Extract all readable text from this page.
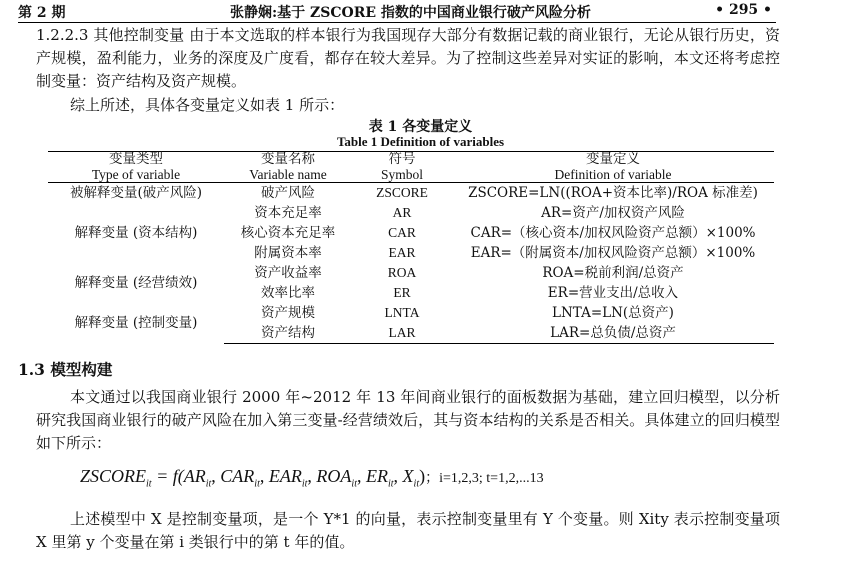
第 2 期	张静娴:基于 ZSCORE 指数的中国商业银行破产风险分析	• 295 •
1.2.2.3 其他控制变量 由于本文选取的样本银行为我国现存大部分有数据记载的商业银行，无论从银行历史，资产规模，盈利能力，业务的深度及广度看，都存在较大差异。为了控制这些差异对实证的影响，本文还将考虑控制变量：资产结构及资产规模。
综上所述，具体各变量定义如表 1 所示：
表 1 各变量定义
Table 1 Definition of variables
变量类型	变量名称	符号	变量定义
Type of variable	Variable name	Symbol	Definition of variable
被解释变量(破产风险)	破产风险	ZSCORE	ZSCORE=LN((ROA+资本比率)/ROA 标准差)
解释变量 (资本结构)	资本充足率	AR	AR=资产/加权资产风险
	核心资本充足率	CAR	CAR=（核心资本/加权风险资产总额）×100%
	附属资本率	EAR	EAR=（附属资本/加权风险资产总额）×100%
解释变量 (经营绩效)	资产收益率	ROA	ROA=税前利润/总资产
	效率比率	ER	ER=营业支出/总收入
解释变量 (控制变量)	资产规模	LNTA	LNTA=LN(总资产)
	资产结构	LAR	LAR=总负债/总资产
1.3 模型构建
本文通过以我国商业银行 2000 年~2012 年 13 年间商业银行的面板数据为基础，建立回归模型，以分析研究我国商业银行的破产风险在加入第三变量-经营绩效后，其与资本结构的关系是否相关。具体建立的回归模型如下所示：
$ZSCORE_{it} = f(AR_{it}$, $CAR_{it}$, $EAR_{it}$, $ROA_{it}$, $ER_{it}$, $X_{it}$)；i=1,2,3; t=1,2,...13
上述模型中 X 是控制变量项，是一个 Y*1 的向量，表示控制变量里有 Y 个变量。则 Xity 表示控制变量项 X 里第 y 个变量在第 i 类银行中的第 t 年的值。
